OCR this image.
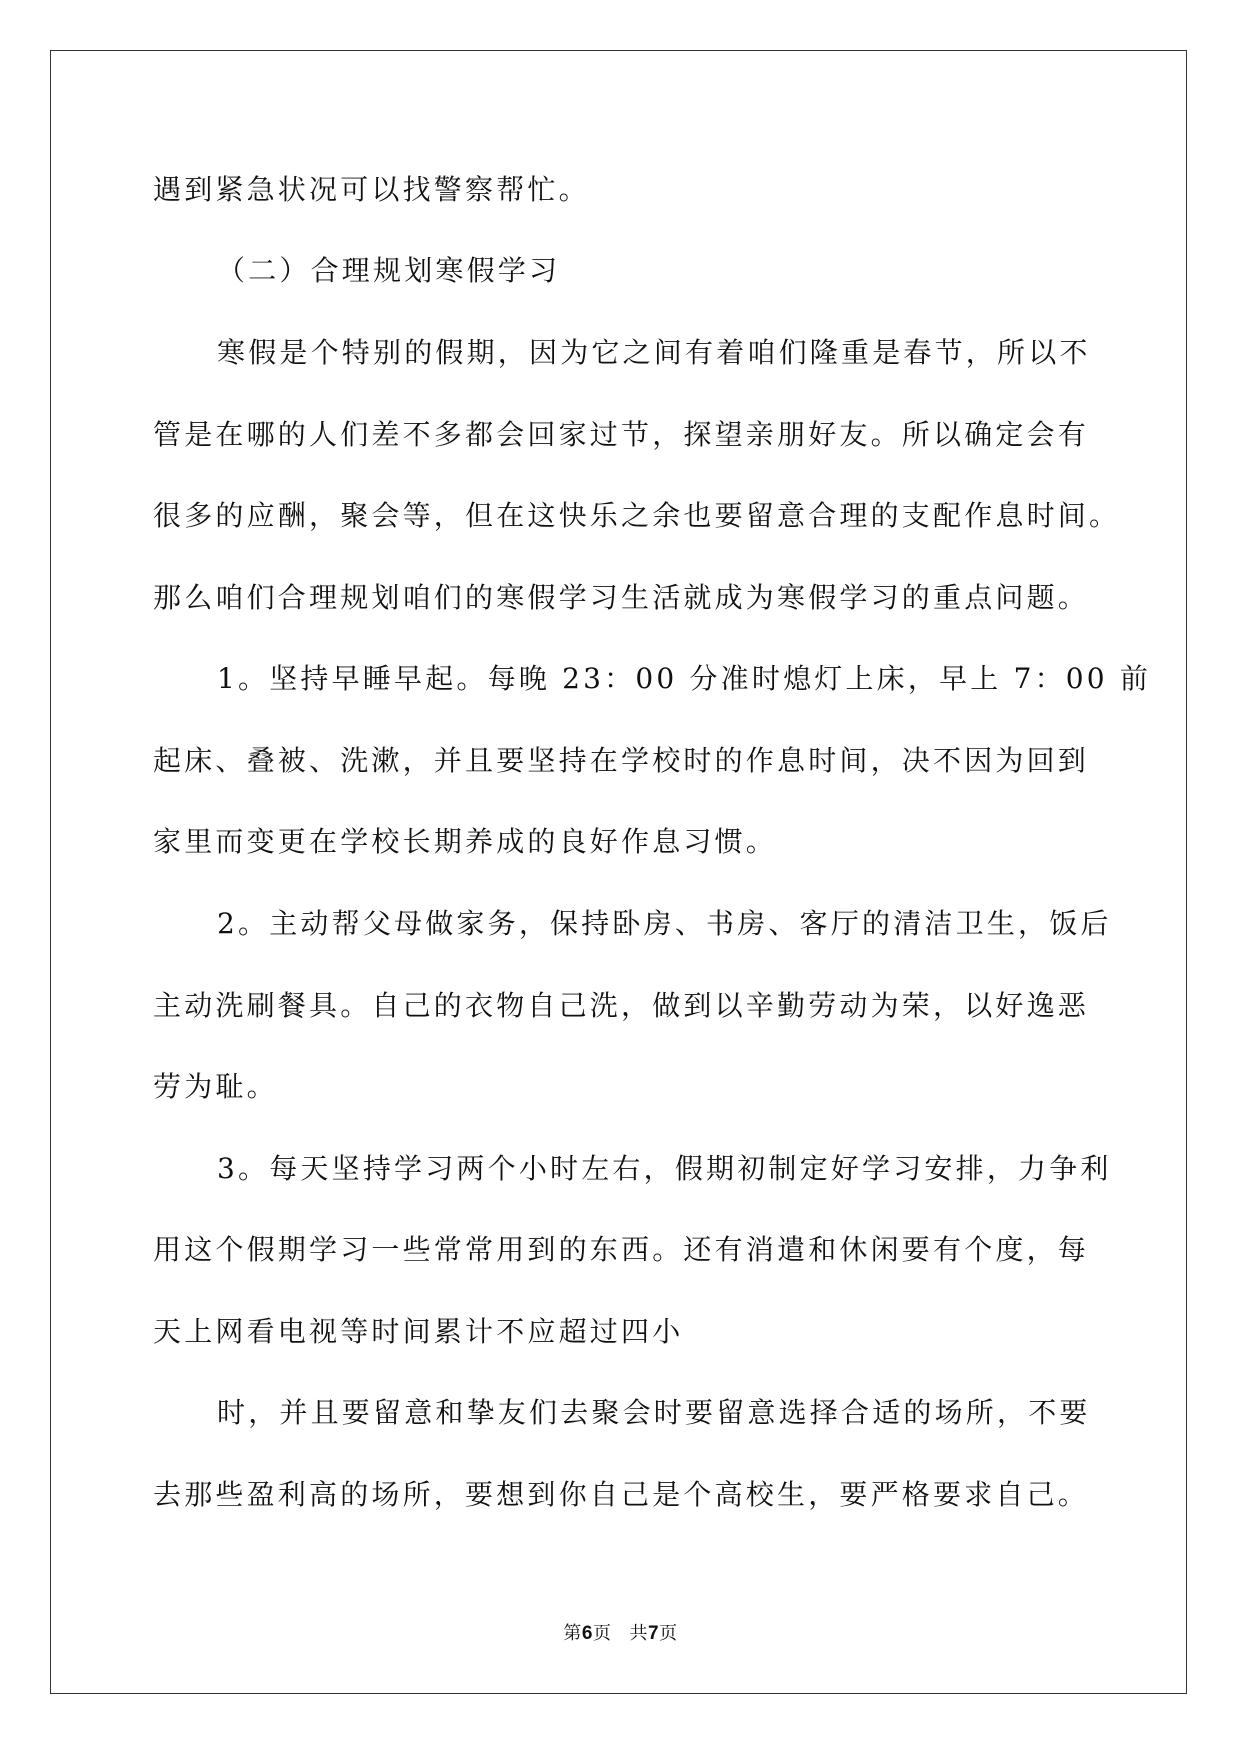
遇到紧急状况可以找警察帮忙。

（二）合理规划寒假学习

寒假是个特别的假期，因为它之间有着咱们隆重是春节，所以不

管是在哪的人们差不多都会回家过节，探望亲朋好友。所以确定会有

很多的应酬，聚会等，但在这快乐之余也要留意合理的支配作息时间。

那么咱们合理规划咱们的寒假学习生活就成为寒假学习的重点问题。

1。坚持早睡早起。每晚 23：00 分准时熄灯上床，早上 7：00 前

起床、叠被、洗漱，并且要坚持在学校时的作息时间，决不因为回到

家里而变更在学校长期养成的良好作息习惯。

2。主动帮父母做家务，保持卧房、书房、客厅的清洁卫生，饭后

主动洗刷餐具。自己的衣物自己洗，做到以辛勤劳动为荣，以好逸恶

劳为耻。

3。每天坚持学习两个小时左右，假期初制定好学习安排，力争利

用这个假期学习一些常常用到的东西。还有消遣和休闲要有个度，每

天上网看电视等时间累计不应超过四小

时，并且要留意和挚友们去聚会时要留意选择合适的场所，不要

去那些盈利高的场所，要想到你自己是个高校生，要严格要求自己。

第6页 共7页
